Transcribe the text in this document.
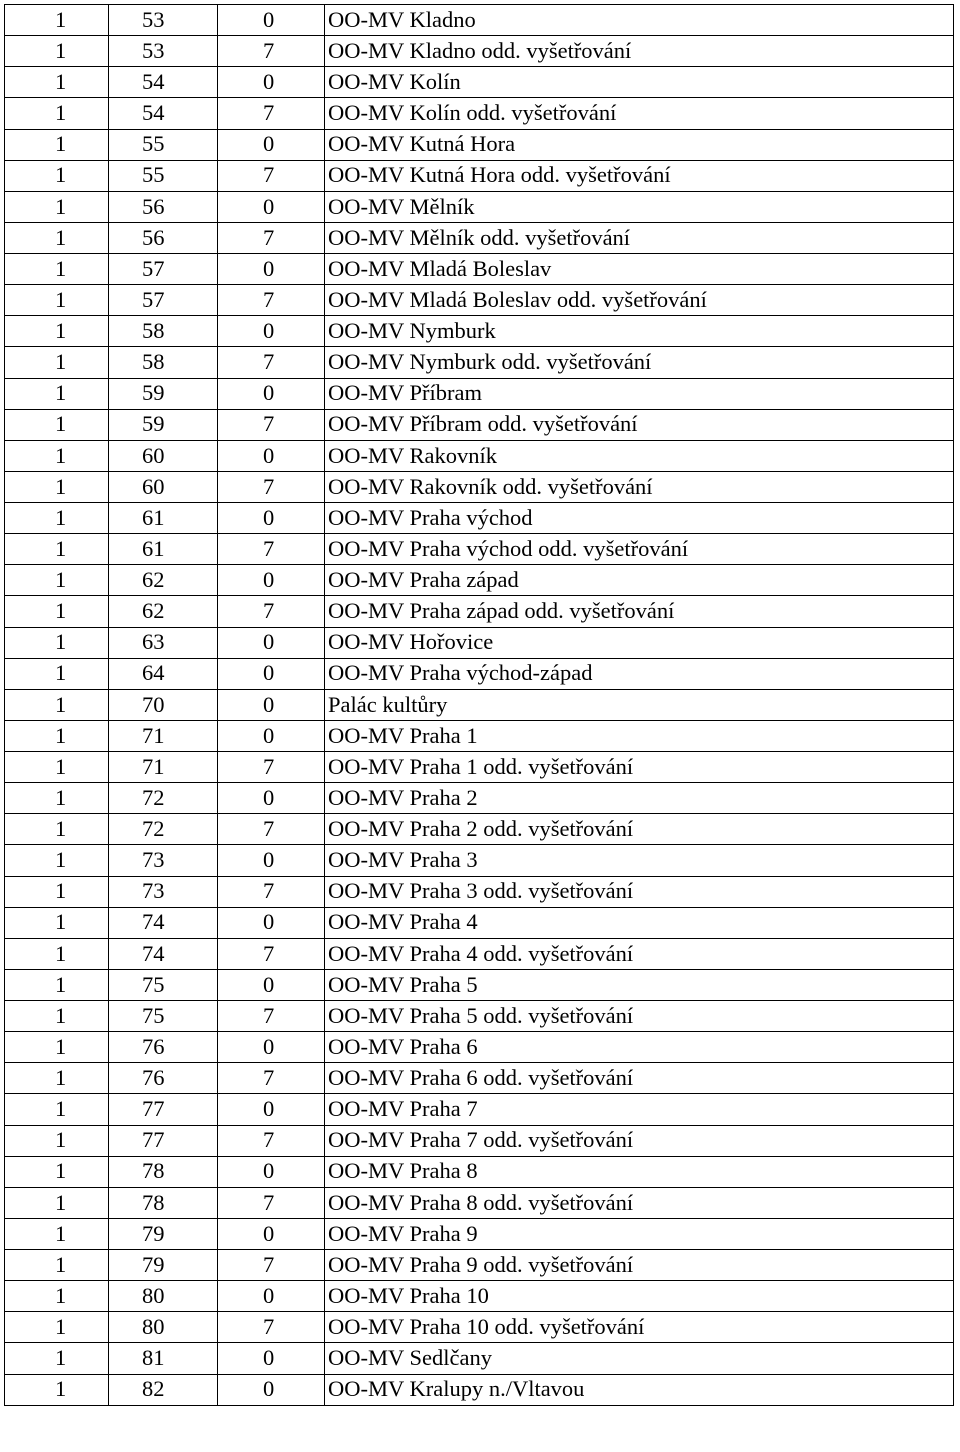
1	53	0	OO-MV Kladno
1	53	7	OO-MV Kladno odd. vyšetřování
1	54	0	OO-MV Kolín
1	54	7	OO-MV Kolín odd. vyšetřování
1	55	0	OO-MV Kutná Hora
1	55	7	OO-MV Kutná Hora odd. vyšetřování
1	56	0	OO-MV Mělník
1	56	7	OO-MV Mělník odd. vyšetřování
1	57	0	OO-MV Mladá Boleslav
1	57	7	OO-MV Mladá Boleslav odd. vyšetřování
1	58	0	OO-MV Nymburk
1	58	7	OO-MV Nymburk odd. vyšetřování
1	59	0	OO-MV Příbram
1	59	7	OO-MV Příbram odd. vyšetřování
1	60	0	OO-MV Rakovník
1	60	7	OO-MV Rakovník odd. vyšetřování
1	61	0	OO-MV Praha východ
1	61	7	OO-MV Praha východ odd. vyšetřování
1	62	0	OO-MV Praha západ
1	62	7	OO-MV Praha západ odd. vyšetřování
1	63	0	OO-MV Hořovice
1	64	0	OO-MV Praha východ-západ
1	70	0	Palác kultůry
1	71	0	OO-MV Praha 1
1	71	7	OO-MV Praha 1 odd. vyšetřování
1	72	0	OO-MV Praha 2
1	72	7	OO-MV Praha 2 odd. vyšetřování
1	73	0	OO-MV Praha 3
1	73	7	OO-MV Praha 3 odd. vyšetřování
1	74	0	OO-MV Praha 4
1	74	7	OO-MV Praha 4 odd. vyšetřování
1	75	0	OO-MV Praha 5
1	75	7	OO-MV Praha 5 odd. vyšetřování
1	76	0	OO-MV Praha 6
1	76	7	OO-MV Praha 6 odd. vyšetřování
1	77	0	OO-MV Praha 7
1	77	7	OO-MV Praha 7 odd. vyšetřování
1	78	0	OO-MV Praha 8
1	78	7	OO-MV Praha 8 odd. vyšetřování
1	79	0	OO-MV Praha 9
1	79	7	OO-MV Praha 9 odd. vyšetřování
1	80	0	OO-MV Praha 10
1	80	7	OO-MV Praha 10 odd. vyšetřování
1	81	0	OO-MV Sedlčany
1	82	0	OO-MV Kralupy n./Vltavou
